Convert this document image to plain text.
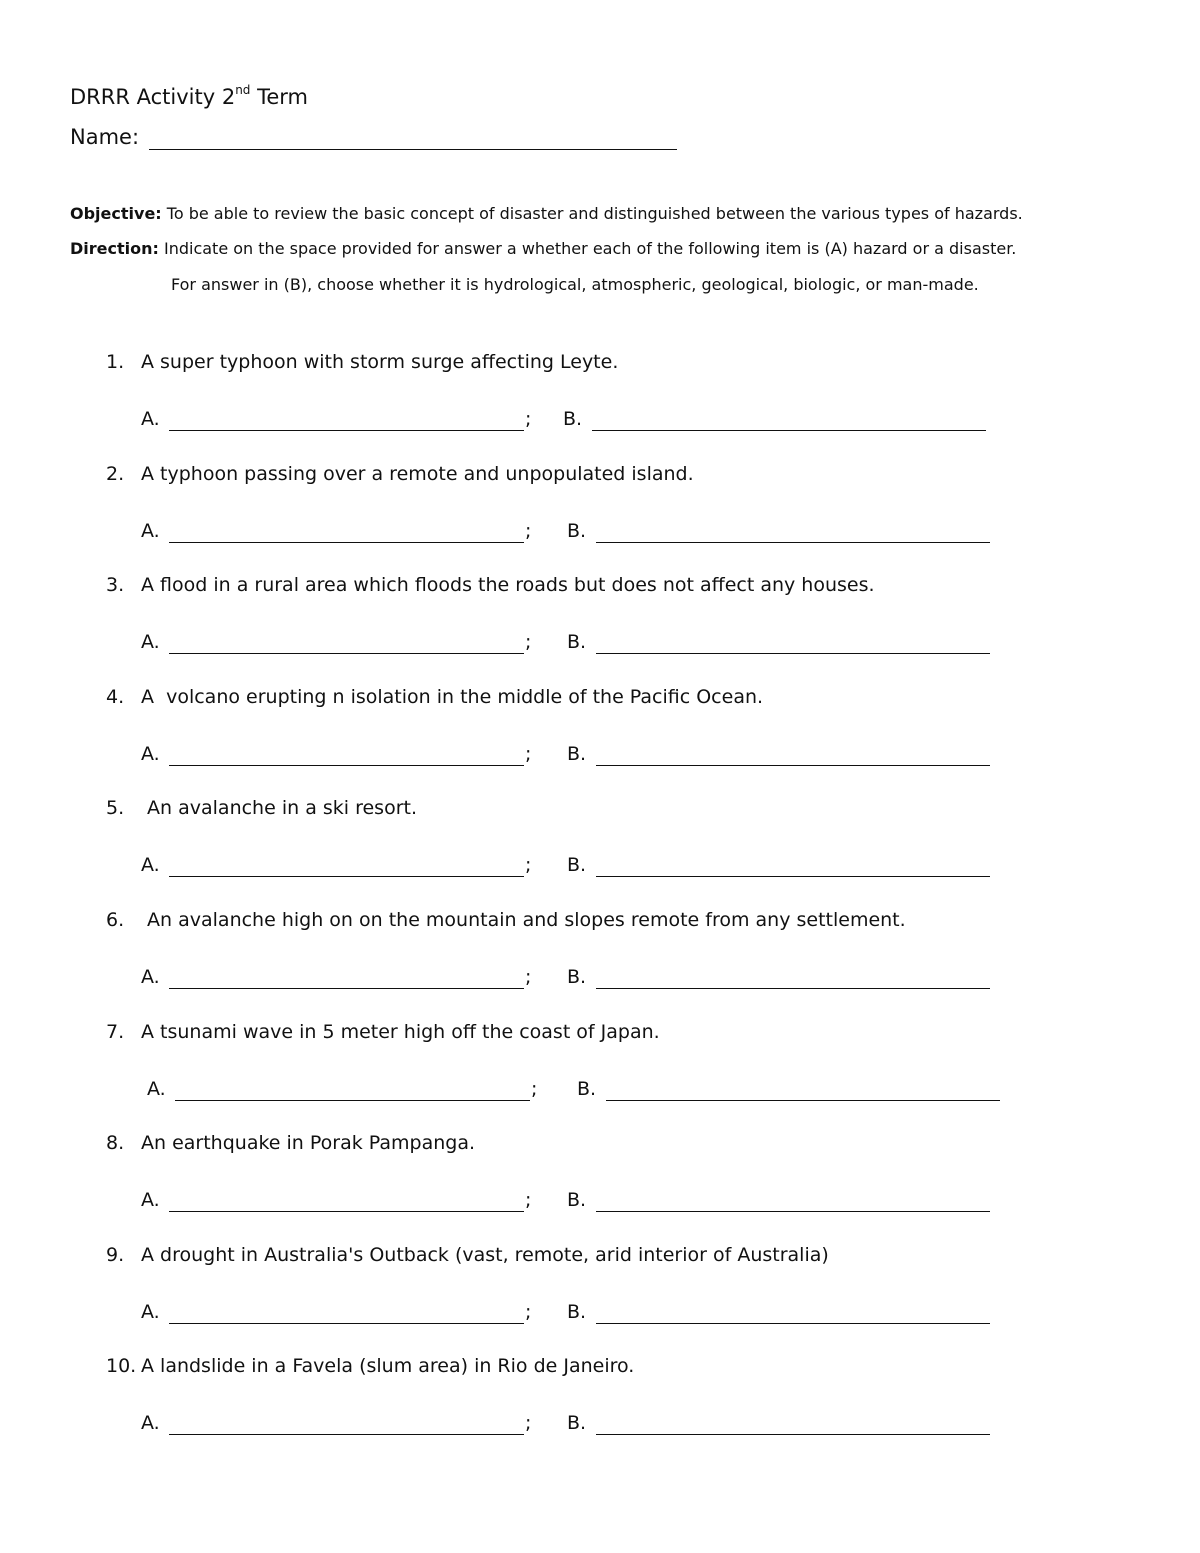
DRRR Activity 2nd Term
Name:
Objective: To be able to review the basic concept of disaster and distinguished between the various types of hazards.
Direction: Indicate on the space provided for answer a whether each of the following item is (A) hazard or a disaster.
For answer in (B), choose whether it is hydrological, atmospheric, geological, biologic, or man-made.
1. A super typhoon with storm surge affecting Leyte.
A.	; B.
2. A typhoon passing over a remote and unpopulated island.
A.	; B.
3. A flood in a rural area which floods the roads but does not affect any houses.
A.	; B.
4. A  volcano erupting n isolation in the middle of the Pacific Ocean.
A.	; B.
5. An avalanche in a ski resort.
A.	; B.
6. An avalanche high on on the mountain and slopes remote from any settlement.
A.	; B.
7. A tsunami wave in 5 meter high off the coast of Japan.
A.	; B.
8. An earthquake in Porak Pampanga.
A.	; B.
9. A drought in Australia's Outback (vast, remote, arid interior of Australia)
A.	; B.
10. A landslide in a Favela (slum area) in Rio de Janeiro.
A.	; B.
